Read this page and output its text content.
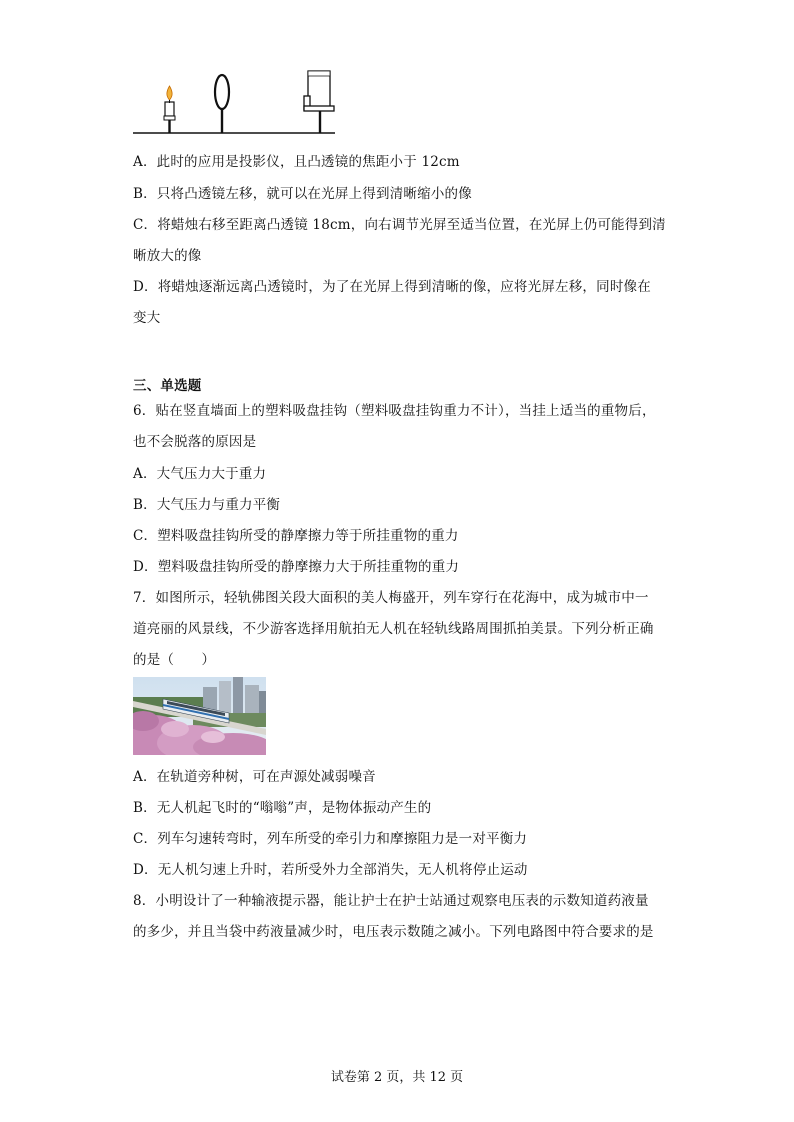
A．此时的应用是投影仪，且凸透镜的焦距小于 12cm
B．只将凸透镜左移，就可以在光屏上得到清晰缩小的像
C．将蜡烛右移至距离凸透镜 18cm，向右调节光屏至适当位置，在光屏上仍可能得到清
晰放大的像
D．将蜡烛逐渐远离凸透镜时，为了在光屏上得到清晰的像，应将光屏左移，同时像在
变大
三、单选题
6．贴在竖直墙面上的塑料吸盘挂钩（塑料吸盘挂钩重力不计），当挂上适当的重物后，
也不会脱落的原因是
A．大气压力大于重力
B．大气压力与重力平衡
C．塑料吸盘挂钩所受的静摩擦力等于所挂重物的重力
D．塑料吸盘挂钩所受的静摩擦力大于所挂重物的重力
7．如图所示，轻轨佛图关段大面积的美人梅盛开，列车穿行在花海中，成为城市中一
道亮丽的风景线，不少游客选择用航拍无人机在轻轨线路周围抓拍美景。下列分析正确
的是（　　）
A．在轨道旁种树，可在声源处减弱噪音
B．无人机起飞时的“嗡嗡”声，是物体振动产生的
C．列车匀速转弯时，列车所受的牵引力和摩擦阻力是一对平衡力
D．无人机匀速上升时，若所受外力全部消失，无人机将停止运动
8．小明设计了一种输液提示器，能让护士在护士站通过观察电压表的示数知道药液量
的多少，并且当袋中药液量减少时，电压表示数随之减小。下列电路图中符合要求的是
试卷第 2 页，共 12 页
